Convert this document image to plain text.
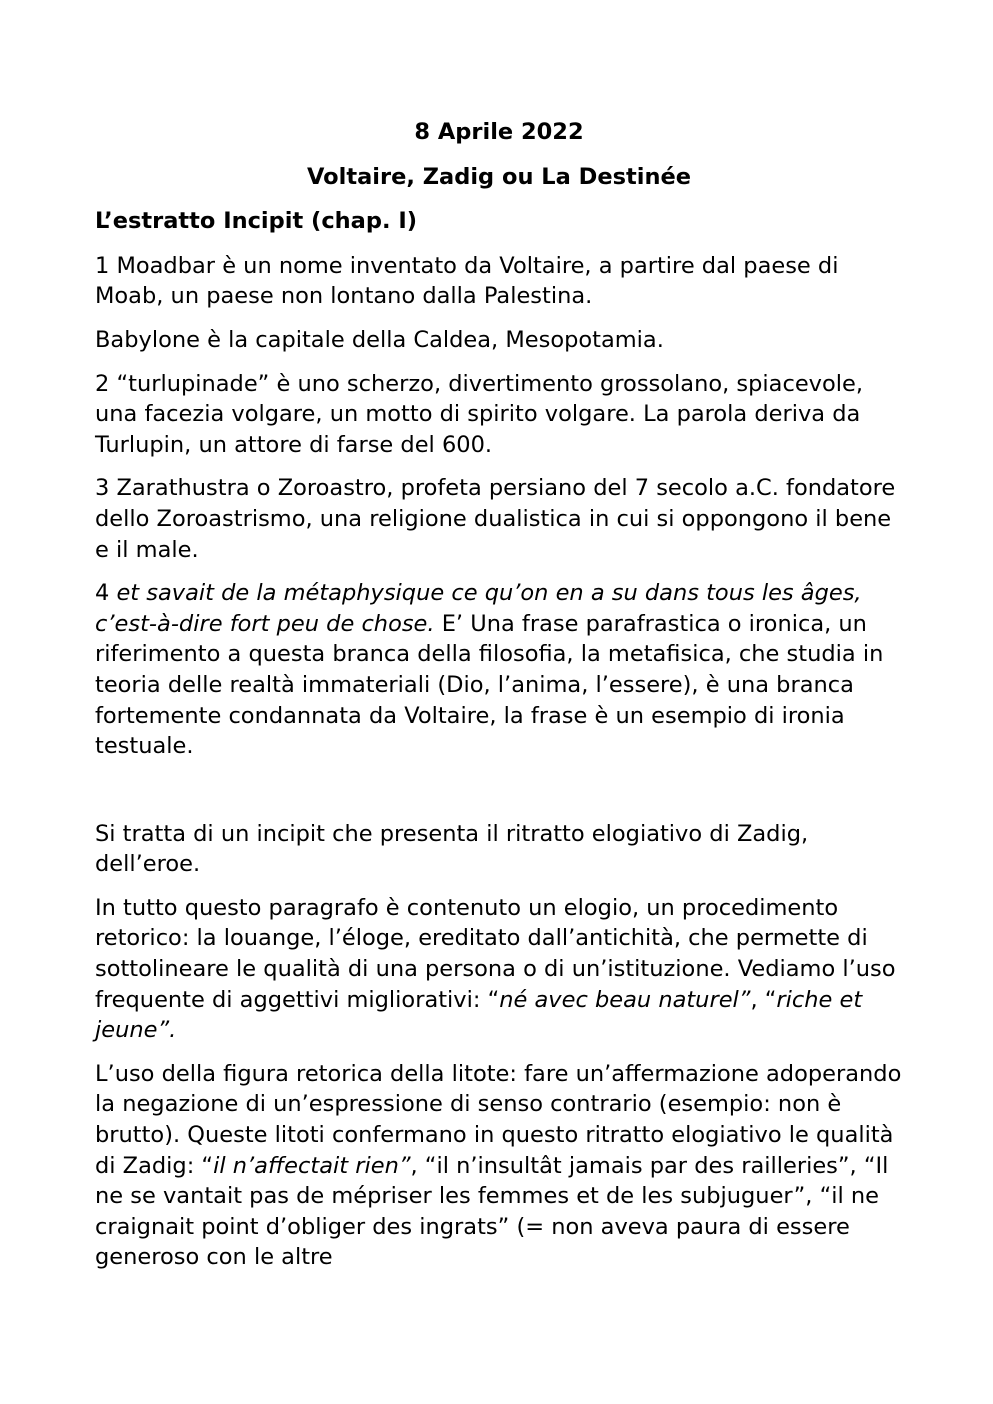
8 Aprile 2022

Voltaire, Zadig ou La Destinée

L’estratto Incipit (chap. I)

1 Moadbar è un nome inventato da Voltaire, a partire dal paese di Moab, un paese non lontano dalla Palestina.

Babylone è la capitale della Caldea, Mesopotamia.

2 “turlupinade” è uno scherzo, divertimento grossolano, spiacevole, una facezia volgare, un motto di spirito volgare. La parola deriva da Turlupin, un attore di farse del 600.

3 Zarathustra o Zoroastro, profeta persiano del 7 secolo a.C. fondatore dello Zoroastrismo, una religione dualistica in cui si oppongono il bene e il male.

4 et savait de la métaphysique ce qu’on en a su dans tous les âges, c’est-à-dire fort peu de chose. E’ Una frase parafrastica o ironica, un riferimento a questa branca della filosofia, la metafisica, che studia in teoria delle realtà immateriali (Dio, l’anima, l’essere), è una branca fortemente condannata da Voltaire, la frase è un esempio di ironia testuale.

Si tratta di un incipit che presenta il ritratto elogiativo di Zadig, dell’eroe.

In tutto questo paragrafo è contenuto un elogio, un procedimento retorico: la louange, l’éloge, ereditato dall’antichità, che permette di sottolineare le qualità di una persona o di un’istituzione. Vediamo l’uso frequente di aggettivi migliorativi: “né avec beau naturel”, “riche et jeune”.

L’uso della figura retorica della litote: fare un’affermazione adoperando la negazione di un’espressione di senso contrario (esempio: non è brutto). Queste litoti confermano in questo ritratto elogiativo le qualità di Zadig: “il n’affectait rien”, “il n’insultât jamais par des railleries”, “Il ne se vantait pas de mépriser les femmes et de les subjuguer”, “il ne craignait point d’obliger des ingrats” (= non aveva paura di essere generoso con le altre
